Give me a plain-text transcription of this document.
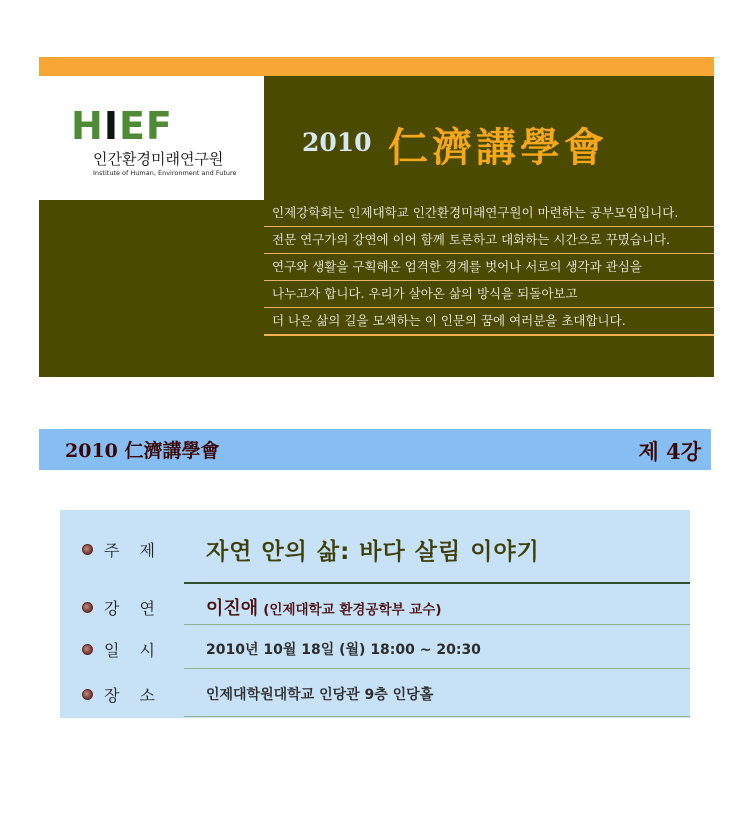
HIEF
인간환경미래연구원
Institute of Human, Environment and Future
2010 仁濟講學會
인제강학회는 인제대학교 인간환경미래연구원이 마련하는 공부모임입니다.
전문 연구가의 강연에 이어 함께 토론하고 대화하는 시간으로 꾸몄습니다.
연구와 생활을 구획해온 엄격한 경계를 벗어나 서로의 생각과 관심을
나누고자 합니다. 우리가 살아온 삶의 방식을 되돌아보고
더 나은 삶의 길을 모색하는 이 인문의 꿈에 여러분을 초대합니다.
2010 仁濟講學會	제 4강
주제 자연 안의 삶: 바다 살림 이야기
강연 이진애 (인제대학교 환경공학부 교수)
일시 2010년 10월 18일 (월) 18:00 ~ 20:30
장소 인제대학원대학교 인당관 9층 인당홀
